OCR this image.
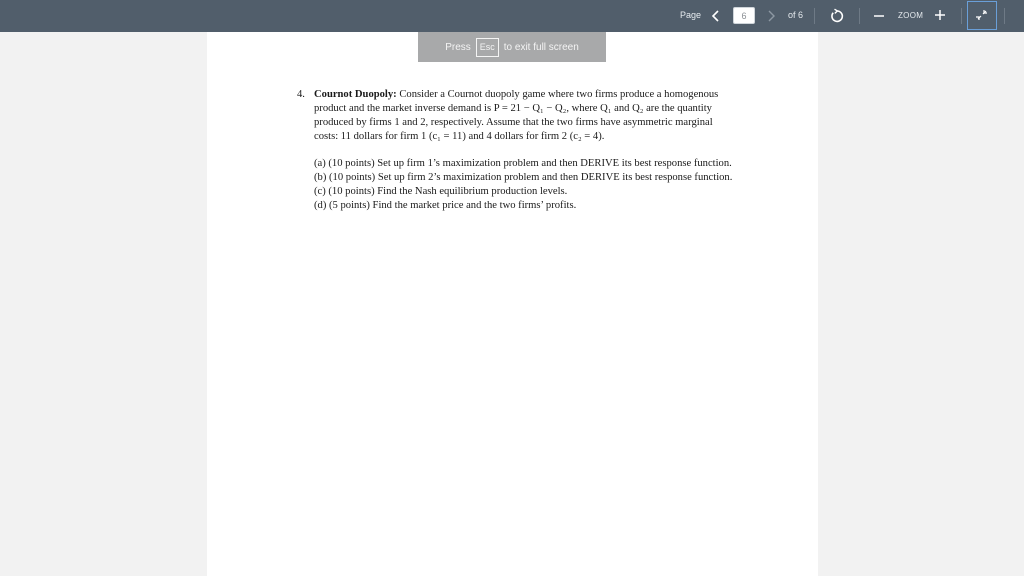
Page	6	of 6	ZOOM
Press	Esc to exit full screen
4. Cournot Duopoly: Consider a Cournot duopoly game where two firms produce a homogenous product and the market inverse demand is P = 21 − Q₁ − Q₂, where Q₁ and Q₂ are the quantity produced by firms 1 and 2, respectively. Assume that the two firms have asymmetric marginal costs: 11 dollars for firm 1 (c₁ = 11) and 4 dollars for firm 2 (c₂ = 4).
(a) (10 points) Set up firm 1’s maximization problem and then DERIVE its best response function.
(b) (10 points) Set up firm 2’s maximization problem and then DERIVE its best response function.
(c) (10 points) Find the Nash equilibrium production levels.
(d) (5 points) Find the market price and the two firms’ profits.
